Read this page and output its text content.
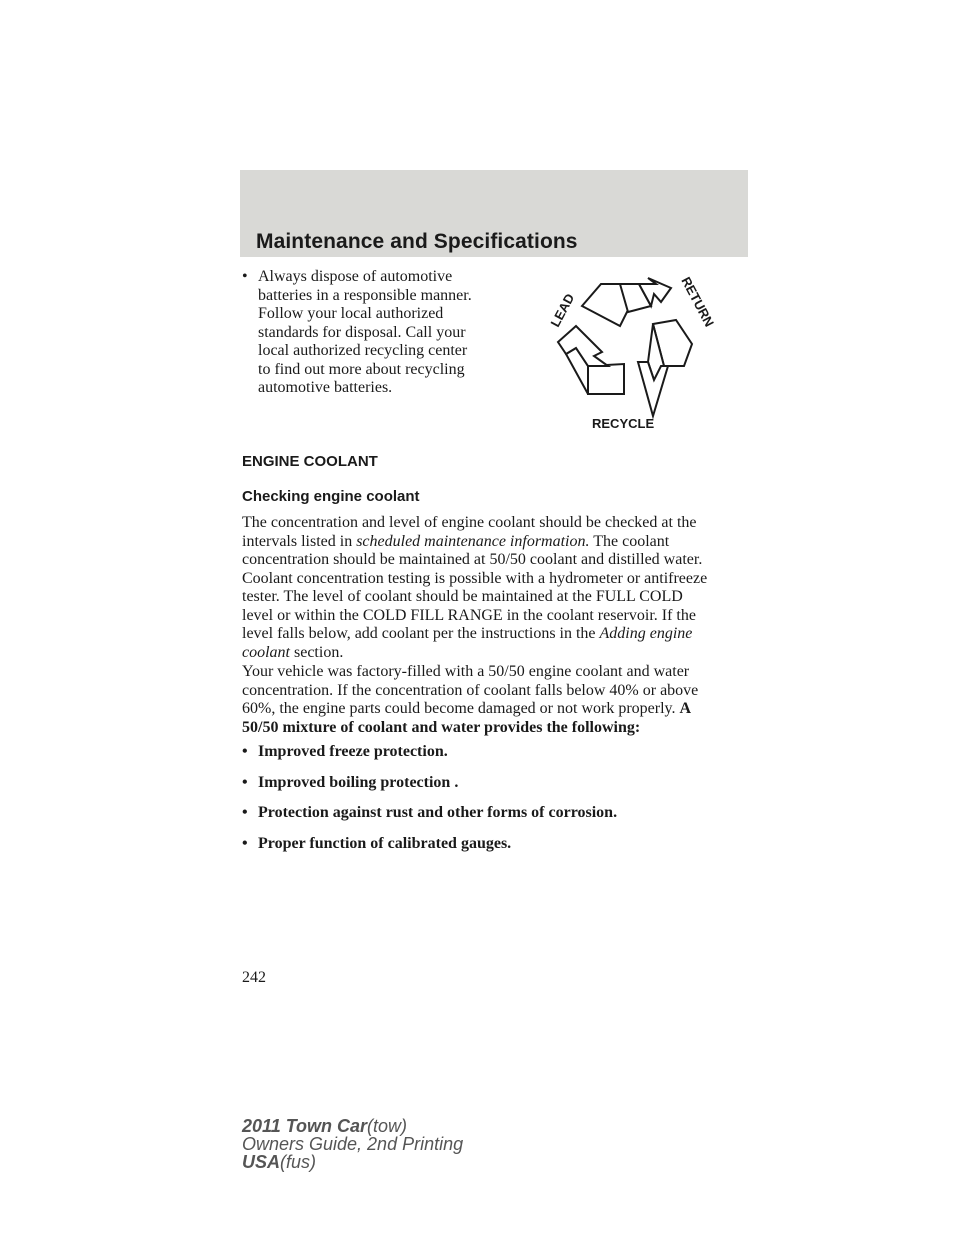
Maintenance and Specifications
• Always dispose of automotive
batteries in a responsible manner.
Follow your local authorized
standards for disposal. Call your
local authorized recycling center
to find out more about recycling
automotive batteries.
LEAD	RETURN
RECYCLE
ENGINE COOLANT
Checking engine coolant

The concentration and level of engine coolant should be checked at the
intervals listed in scheduled maintenance information. The coolant
concentration should be maintained at 50/50 coolant and distilled water.
Coolant concentration testing is possible with a hydrometer or antifreeze
tester. The level of coolant should be maintained at the FULL COLD
level or within the COLD FILL RANGE in the coolant reservoir. If the
level falls below, add coolant per the instructions in the Adding engine
coolant section.

Your vehicle was factory-filled with a 50/50 engine coolant and water
concentration. If the concentration of coolant falls below 40% or above
60%, the engine parts could become damaged or not work properly. A
50/50 mixture of coolant and water provides the following:

• Improved freeze protection.
• Improved boiling protection .
• Protection against rust and other forms of corrosion.
• Proper function of calibrated gauges.
242
2011 Town Car(tow)
Owners Guide, 2nd Printing
USA(fus)
